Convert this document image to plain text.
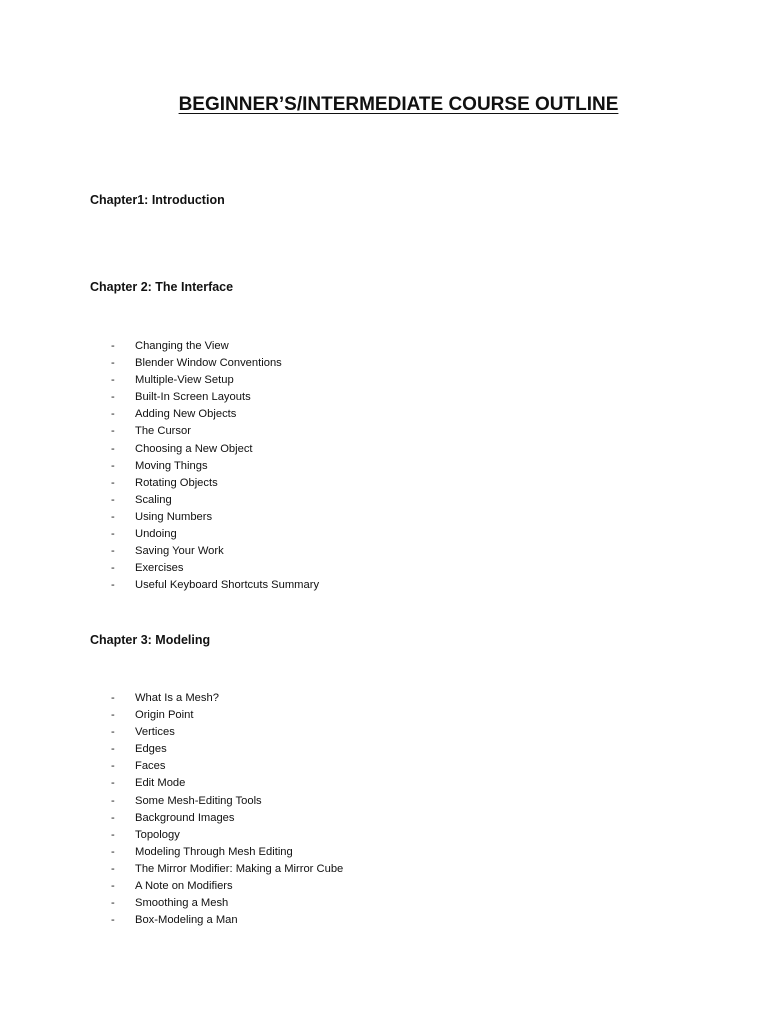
BEGINNER’S/INTERMEDIATE COURSE OUTLINE
Chapter1: Introduction
Chapter 2: The Interface
-	Changing the View
-	Blender Window Conventions
-	Multiple-View Setup
-	Built-In Screen Layouts
-	Adding New Objects
-	The Cursor
-	Choosing a New Object
-	Moving Things
-	Rotating Objects
-	Scaling
-	Using Numbers
-	Undoing
-	Saving Your Work
-	Exercises
-	Useful Keyboard Shortcuts Summary
Chapter 3: Modeling
-	What Is a Mesh?
-	Origin Point
-	Vertices
-	Edges
-	Faces
-	Edit Mode
-	Some Mesh-Editing Tools
-	Background Images
-	Topology
-	Modeling Through Mesh Editing
-	The Mirror Modifier: Making a Mirror Cube
-	A Note on Modifiers
-	Smoothing a Mesh
-	Box-Modeling a Man
